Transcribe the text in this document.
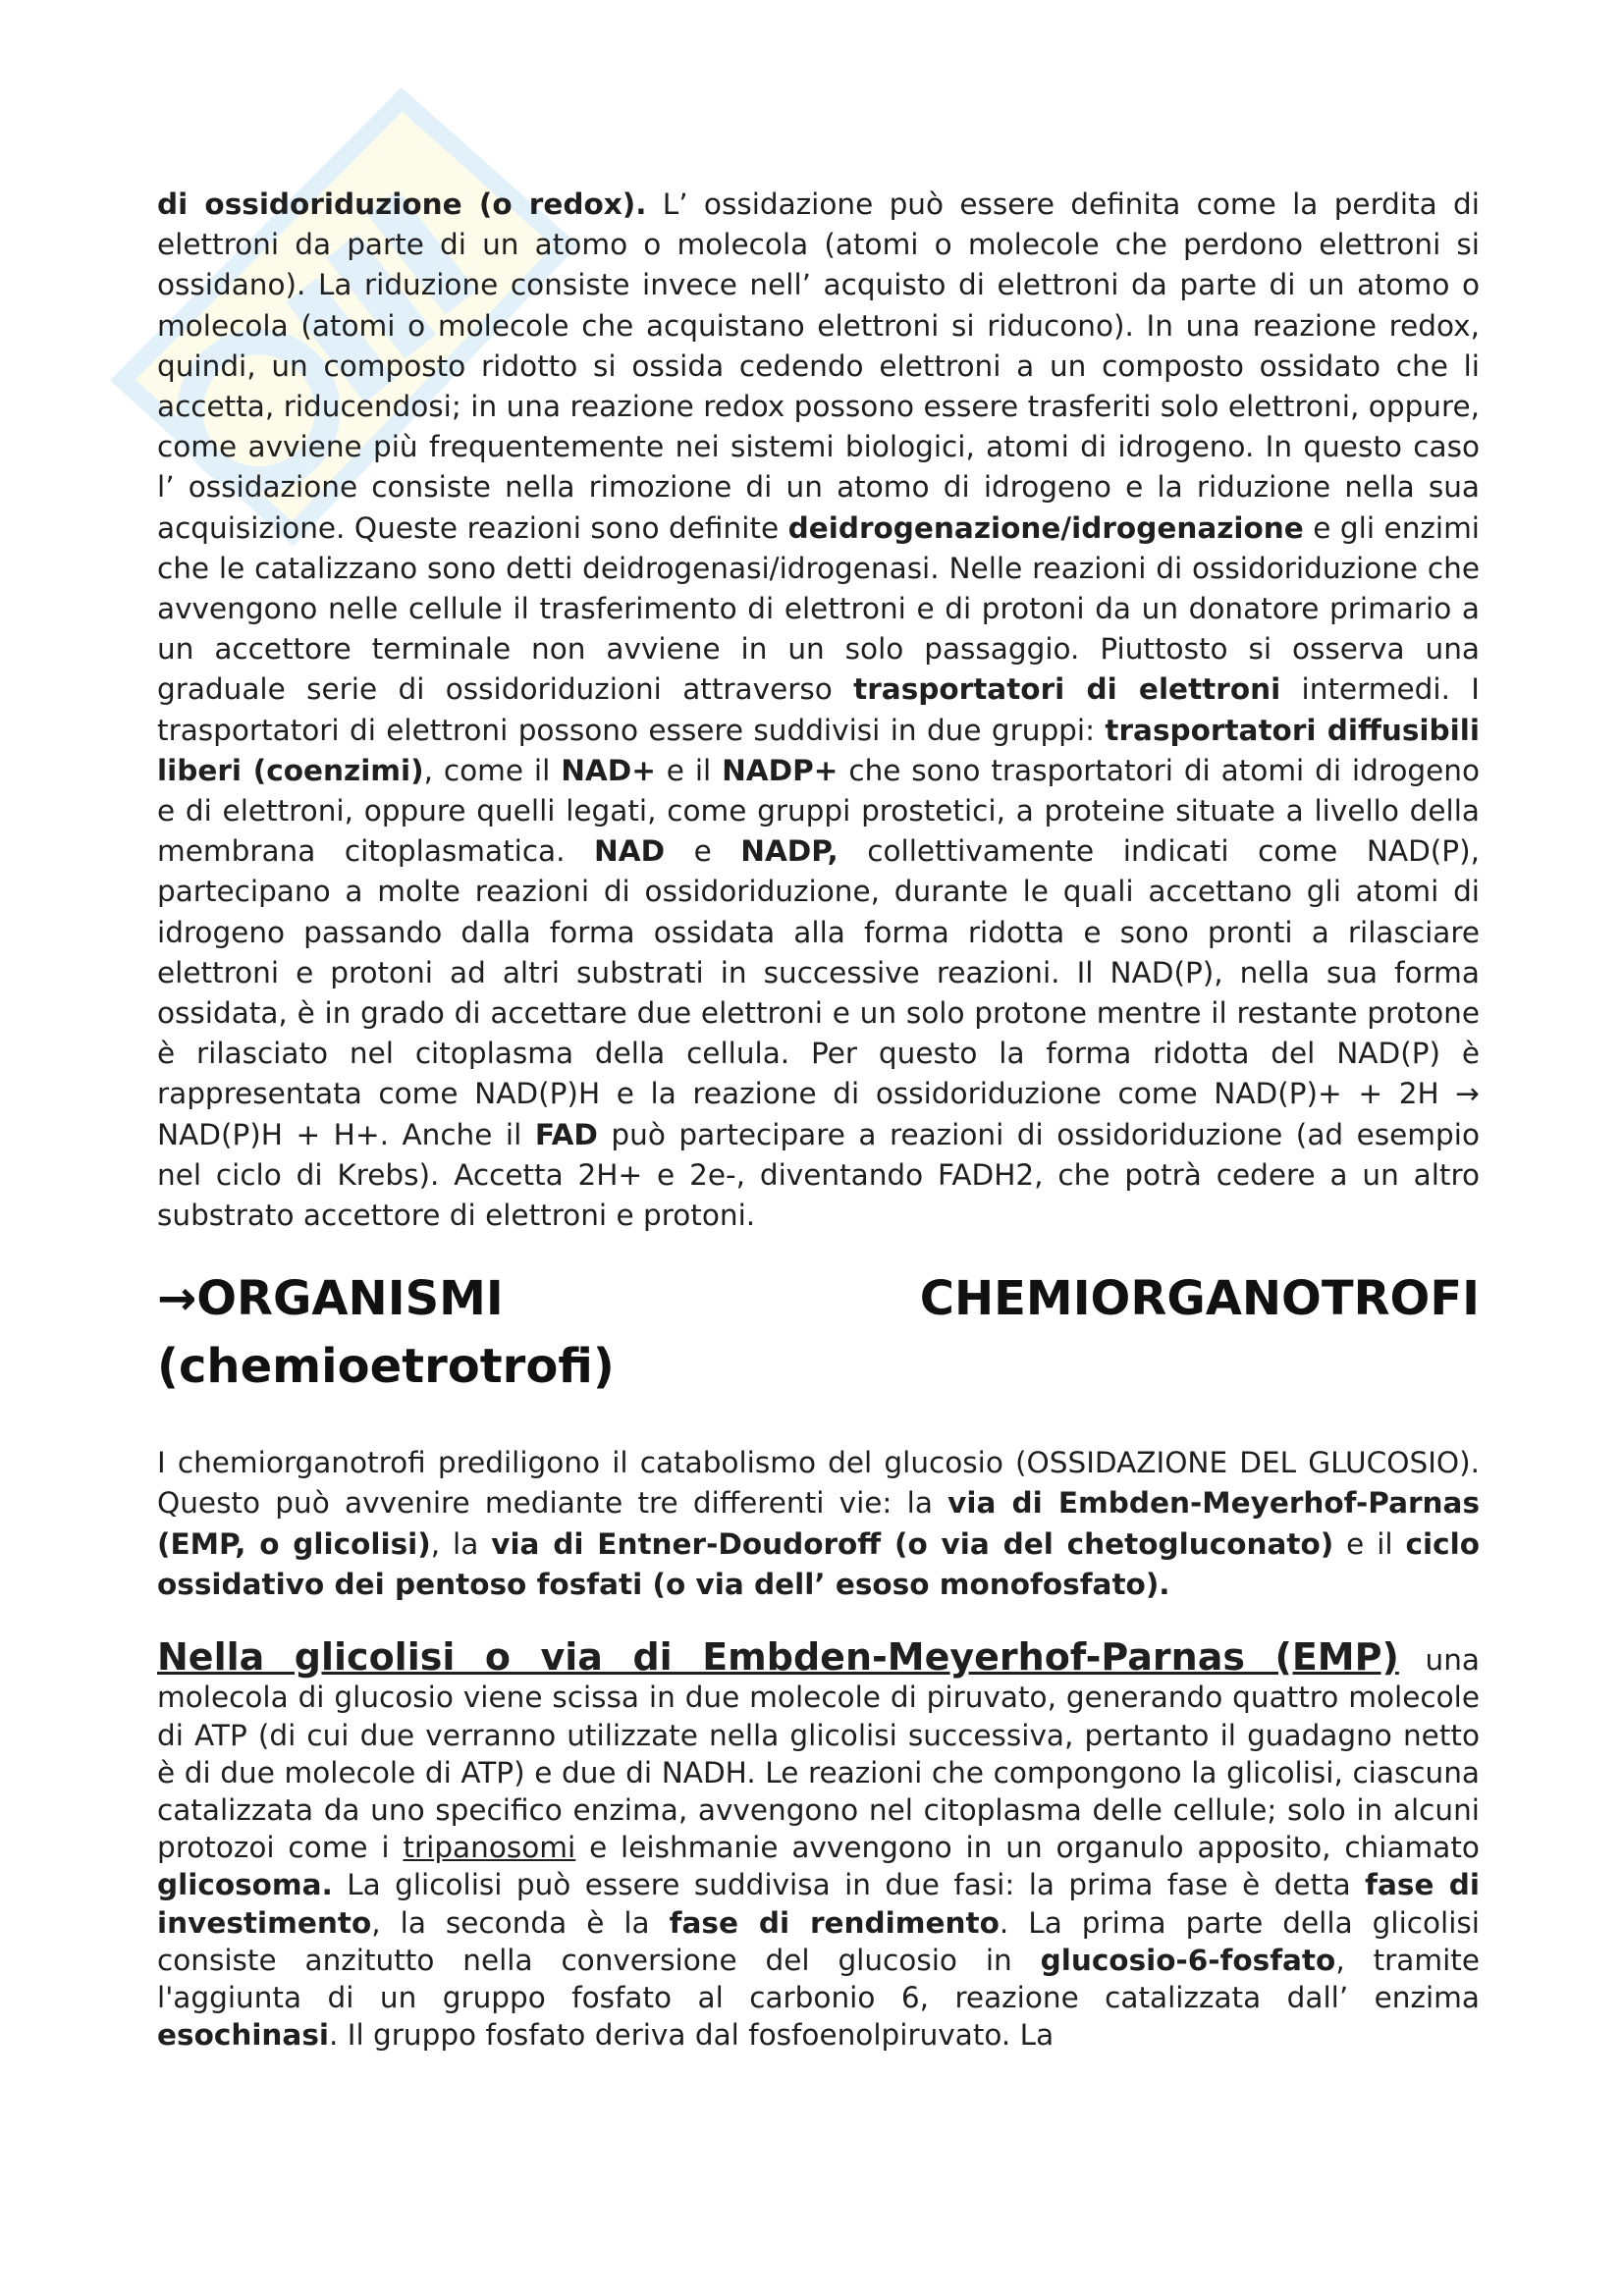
di ossidoriduzione (o redox). L’ ossidazione può essere definita come la perdita di elettroni da parte di un atomo o molecola (atomi o molecole che perdono elettroni si ossidano). La riduzione consiste invece nell’ acquisto di elettroni da parte di un atomo o molecola (atomi o molecole che acquistano elettroni si riducono). In una reazione redox, quindi, un composto ridotto si ossida cedendo elettroni a un composto ossidato che li accetta, riducendosi; in una reazione redox possono essere trasferiti solo elettroni, oppure, come avviene più frequentemente nei sistemi biologici, atomi di idrogeno. In questo caso l’ ossidazione consiste nella rimozione di un atomo di idrogeno e la riduzione nella sua acquisizione. Queste reazioni sono definite deidrogenazione/idrogenazione e gli enzimi che le catalizzano sono detti deidrogenasi/idrogenasi. Nelle reazioni di ossidoriduzione che avvengono nelle cellule il trasferimento di elettroni e di protoni da un donatore primario a un accettore terminale non avviene in un solo passaggio. Piuttosto si osserva una graduale serie di ossidoriduzioni attraverso trasportatori di elettroni intermedi. I trasportatori di elettroni possono essere suddivisi in due gruppi: trasportatori diffusibili liberi (coenzimi), come il NAD+ e il NADP+ che sono trasportatori di atomi di idrogeno e di elettroni, oppure quelli legati, come gruppi prostetici, a proteine situate a livello della membrana citoplasmatica. NAD e NADP, collettivamente indicati come NAD(P), partecipano a molte reazioni di ossidoriduzione, durante le quali accettano gli atomi di idrogeno passando dalla forma ossidata alla forma ridotta e sono pronti a rilasciare elettroni e protoni ad altri substrati in successive reazioni. Il NAD(P), nella sua forma ossidata, è in grado di accettare due elettroni e un solo protone mentre il restante protone è rilasciato nel citoplasma della cellula. Per questo la forma ridotta del NAD(P) è rappresentata come NAD(P)H e la reazione di ossidoriduzione come NAD(P)+ + 2H → NAD(P)H + H+. Anche il FAD può partecipare a reazioni di ossidoriduzione (ad esempio nel ciclo di Krebs). Accetta 2H+ e 2e-, diventando FADH2, che potrà cedere a un altro substrato accettore di elettroni e protoni.

→ORGANISMI CHEMIORGANOTROFI (chemioetrotrofi)

I chemiorganotrofi prediligono il catabolismo del glucosio (OSSIDAZIONE DEL GLUCOSIO). Questo può avvenire mediante tre differenti vie: la via di Embden-Meyerhof-Parnas (EMP, o glicolisi), la via di Entner-Doudoroff (o via del chetogluconato) e il ciclo ossidativo dei pentoso fosfati (o via dell’ esoso monofosfato).

Nella glicolisi o via di Embden-Meyerhof-Parnas (EMP) una molecola di glucosio viene scissa in due molecole di piruvato, generando quattro molecole di ATP (di cui due verranno utilizzate nella glicolisi successiva, pertanto il guadagno netto è di due molecole di ATP) e due di NADH. Le reazioni che compongono la glicolisi, ciascuna catalizzata da uno specifico enzima, avvengono nel citoplasma delle cellule; solo in alcuni protozoi come i tripanosomi e leishmanie avvengono in un organulo apposito, chiamato glicosoma. La glicolisi può essere suddivisa in due fasi: la prima fase è detta fase di investimento, la seconda è la fase di rendimento. La prima parte della glicolisi consiste anzitutto nella conversione del glucosio in glucosio-6-fosfato, tramite l'aggiunta di un gruppo fosfato al carbonio 6, reazione catalizzata dall’ enzima esochinasi. Il gruppo fosfato deriva dal fosfoenolpiruvato. La
